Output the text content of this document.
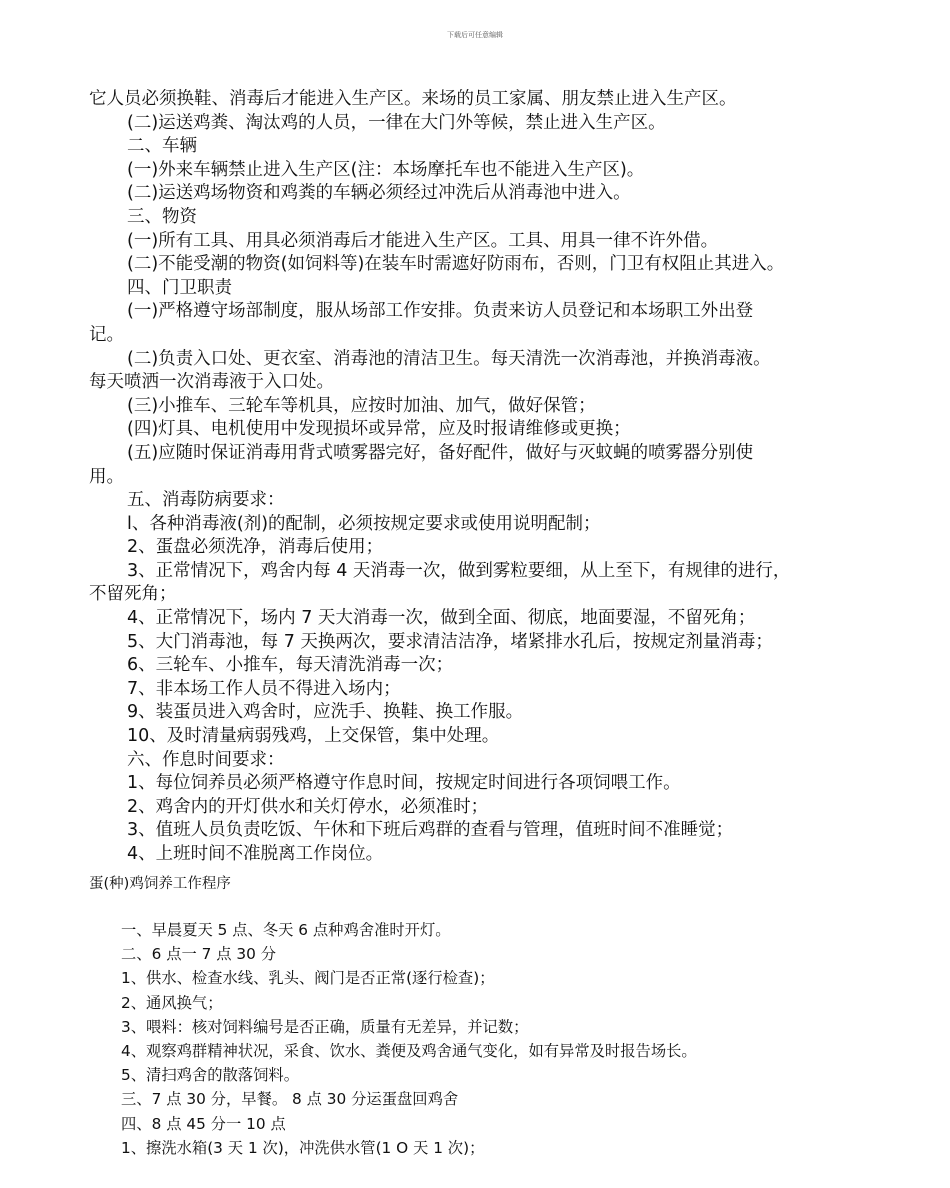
下载后可任意编辑
它人员必须换鞋、消毒后才能进入生产区。来场的员工家属、朋友禁止进入生产区。
(二)运送鸡粪、淘汰鸡的人员，一律在大门外等候，禁止进入生产区。
二、车辆
(一)外来车辆禁止进入生产区(注：本场摩托车也不能进入生产区)。
(二)运送鸡场物资和鸡粪的车辆必须经过冲洗后从消毒池中进入。
三、物资
(一)所有工具、用具必须消毒后才能进入生产区。工具、用具一律不许外借。
(二)不能受潮的物资(如饲料等)在装车时需遮好防雨布，否则，门卫有权阻止其进入。
四、门卫职责
(一)严格遵守场部制度，服从场部工作安排。负责来访人员登记和本场职工外出登
记。
(二)负责入口处、更衣室、消毒池的清洁卫生。每天清洗一次消毒池，并换消毒液。
每天喷洒一次消毒液于入口处。
(三)小推车、三轮车等机具，应按时加油、加气，做好保管；
(四)灯具、电机使用中发现损坏或异常，应及时报请维修或更换；
(五)应随时保证消毒用背式喷雾器完好，备好配件，做好与灭蚊蝇的喷雾器分别使
用。
五、消毒防病要求：
l、各种消毒液(剂)的配制，必须按规定要求或使用说明配制；
2、蛋盘必须洗净，消毒后使用；
3、正常情况下，鸡舍内每 4 天消毒一次，做到雾粒要细，从上至下，有规律的进行，
不留死角；
4、正常情况下，场内 7 天大消毒一次，做到全面、彻底，地面要湿，不留死角；
5、大门消毒池，每 7 天换两次，要求清洁洁净，堵紧排水孔后，按规定剂量消毒；
6、三轮车、小推车，每天清洗消毒一次；
7、非本场工作人员不得进入场内；
9、装蛋员进入鸡舍时，应洗手、换鞋、换工作服。
10、及时清量病弱残鸡，上交保管，集中处理。
六、作息时间要求：
1、每位饲养员必须严格遵守作息时间，按规定时间进行各项饲喂工作。
2、鸡舍内的开灯供水和关灯停水，必须准时；
3、值班人员负责吃饭、午休和下班后鸡群的查看与管理，值班时间不准睡觉；
4、上班时间不准脱离工作岗位。
蛋(种)鸡饲养工作程序
一、早晨夏天 5 点、冬天 6 点种鸡舍准时开灯。
二、6 点一 7 点 30 分
1、供水、检查水线、乳头、阀门是否正常(逐行检查)；
2、通风换气；
3、喂料：核对饲料编号是否正确，质量有无差异，并记数；
4、观察鸡群精神状况，采食、饮水、粪便及鸡舍通气变化，如有异常及时报告场长。
5、清扫鸡舍的散落饲料。
三、7 点 30 分，早餐。 8 点 30 分运蛋盘回鸡舍
四、8 点 45 分一 10 点
1、擦洗水箱(3 天 1 次)，冲洗供水管(1 O 天 1 次)；
